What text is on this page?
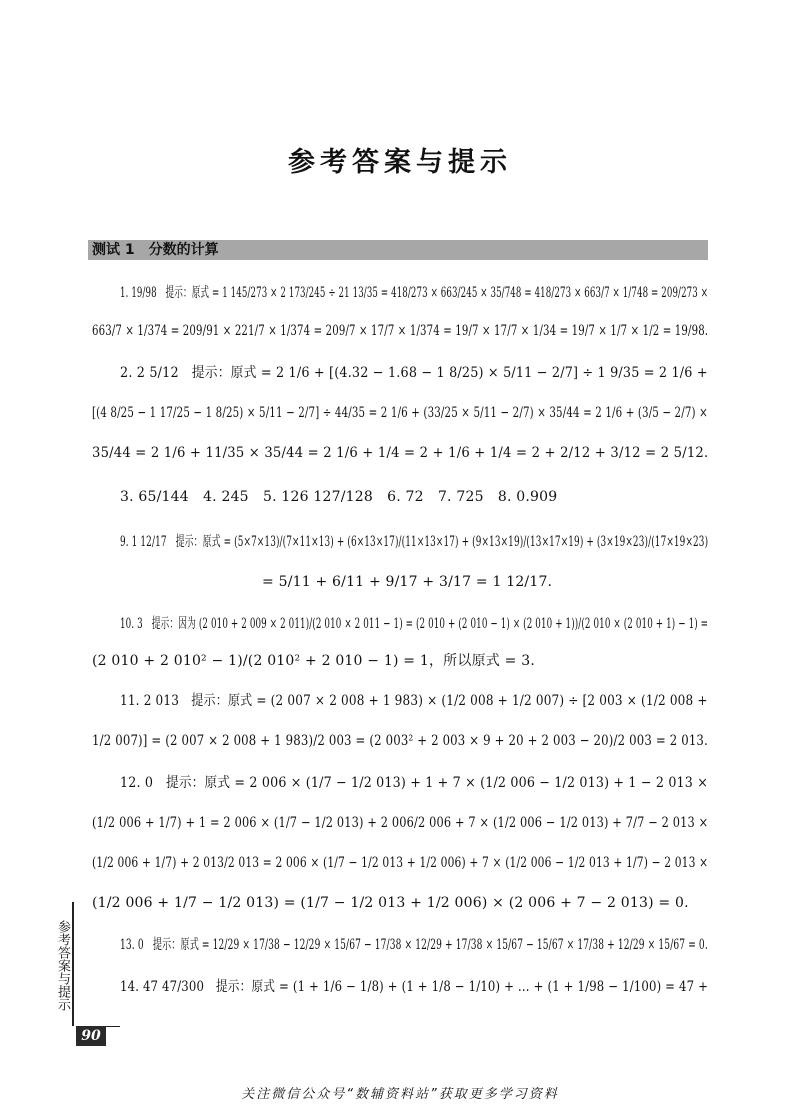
参考答案与提示
测试 1　分数的计算
1. 19/98　提示：原式 = 1 145/273 × 2 173/245 ÷ 21 13/35 = 418/273 × 663/245 × 35/748 = 418/273 × 663/7 × 1/748 = 209/273 ×
663/7 × 1/374 = 209/91 × 221/7 × 1/374 = 209/7 × 17/7 × 1/374 = 19/7 × 17/7 × 1/34 = 19/7 × 1/7 × 1/2 = 19/98.
2. 2 5/12　提示：原式 = 2 1/6 + [(4.32 − 1.68 − 1 8/25) × 5/11 − 2/7] ÷ 1 9/35 = 2 1/6 +
[(4 8/25 − 1 17/25 − 1 8/25) × 5/11 − 2/7] ÷ 44/35 = 2 1/6 + (33/25 × 5/11 − 2/7) × 35/44 = 2 1/6 + (3/5 − 2/7) ×
35/44 = 2 1/6 + 11/35 × 35/44 = 2 1/6 + 1/4 = 2 + 1/6 + 1/4 = 2 + 2/12 + 3/12 = 2 5/12.
3. 65/144　4. 245　5. 126 127/128　6. 72　7. 725　8. 0.909
9. 1 12/17　提示：原式 = (5×7×13)/(7×11×13) + (6×13×17)/(11×13×17) + (9×13×19)/(13×17×19) + (3×19×23)/(17×19×23)
= 5/11 + 6/11 + 9/17 + 3/17 = 1 12/17.
10. 3　提示：因为 (2 010 + 2 009 × 2 011)/(2 010 × 2 011 − 1) = (2 010 + (2 010 − 1) × (2 010 + 1))/(2 010 × (2 010 + 1) − 1) =
(2 010 + 2 010² − 1)/(2 010² + 2 010 − 1) = 1，所以原式 = 3.
11. 2 013　提示：原式 = (2 007 × 2 008 + 1 983) × (1/2 008 + 1/2 007) ÷ [2 003 × (1/2 008 +
1/2 007)] = (2 007 × 2 008 + 1 983)/2 003 = (2 003² + 2 003 × 9 + 20 + 2 003 − 20)/2 003 = 2 013.
12. 0　提示：原式 = 2 006 × (1/7 − 1/2 013) + 1 + 7 × (1/2 006 − 1/2 013) + 1 − 2 013 ×
(1/2 006 + 1/7) + 1 = 2 006 × (1/7 − 1/2 013) + 2 006/2 006 + 7 × (1/2 006 − 1/2 013) + 7/7 − 2 013 ×
(1/2 006 + 1/7) + 2 013/2 013 = 2 006 × (1/7 − 1/2 013 + 1/2 006) + 7 × (1/2 006 − 1/2 013 + 1/7) − 2 013 ×
(1/2 006 + 1/7 − 1/2 013) = (1/7 − 1/2 013 + 1/2 006) × (2 006 + 7 − 2 013) = 0.
13. 0　提示：原式 = 12/29 × 17/38 − 12/29 × 15/67 − 17/38 × 12/29 + 17/38 × 15/67 − 15/67 × 17/38 + 12/29 × 15/67 = 0.
14. 47 47/300　提示：原式 = (1 + 1/6 − 1/8) + (1 + 1/8 − 1/10) + … + (1 + 1/98 − 1/100) = 47 +
参考答案与提示
90
关注微信公众号“数辅资料站”获取更多学习资料
